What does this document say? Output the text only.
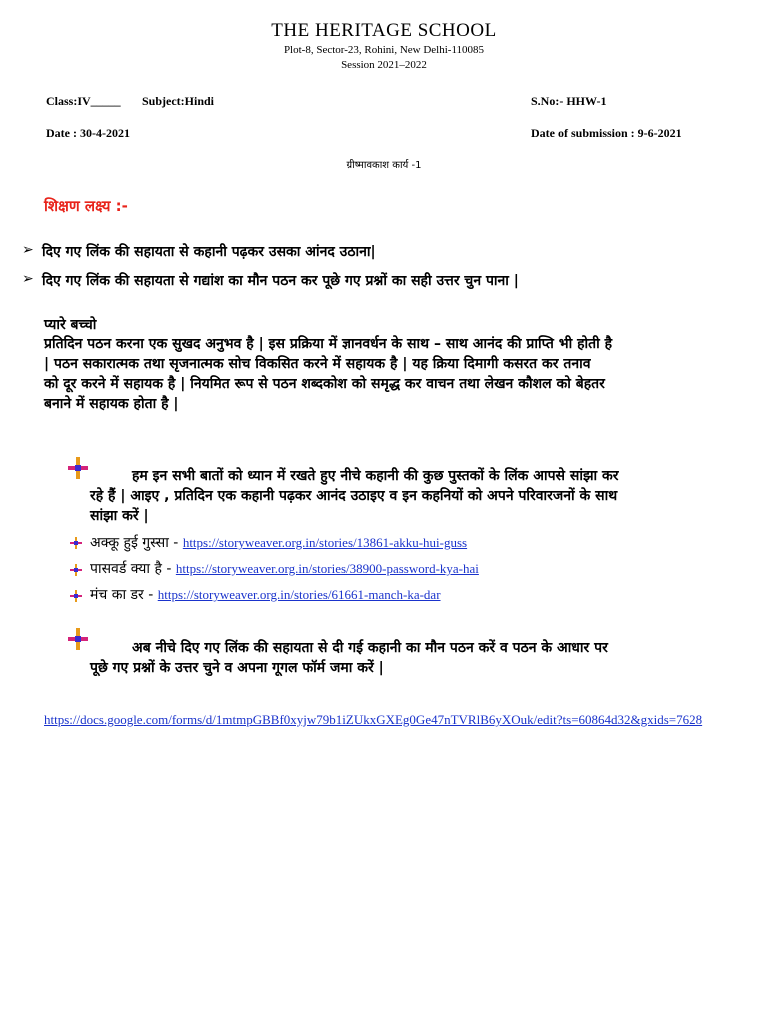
THE HERITAGE SCHOOL
Plot-8, Sector-23, Rohini, New Delhi-110085
Session 2021–2022
Class:IV_____ Subject:Hindi	S.No:- HHW-1
Date : 30-4-2021	Date of submission : 9-6-2021
ग्रीष्मावकाश कार्य -1
शिक्षण लक्ष्य :-
➢ दिए गए लिंक की सहायता से कहानी पढ़कर उसका आंनद उठाना|
➢ दिए गए लिंक की सहायता से गद्यांश का मौन पठन कर पूछे गए प्रश्नों का सही उत्तर चुन पाना |
प्यारे बच्चो
प्रतिदिन पठन करना एक सुखद अनुभव है | इस प्रक्रिया में ज्ञानवर्धन के साथ – साथ आनंद की प्राप्ति भी होती है
| पठन सकारात्मक तथा सृजनात्मक सोच विकसित करने में सहायक है | यह क्रिया दिमागी कसरत कर तनाव
को दूर करने में सहायक है | नियमित रूप से पठन शब्दकोश को समृद्ध कर वाचन तथा लेखन कौशल को बेहतर
बनाने में सहायक होता है |
हम इन सभी बातों को ध्यान में रखते हुए नीचे कहानी की कुछ पुस्तकों के लिंक आपसे सांझा कर
रहे हैं | आइए , प्रतिदिन एक कहानी पढ़कर आनंद उठाइए व इन कहनियों को अपने परिवारजनों के साथ
सांझा करें |
अक्कू हुई गुस्सा - https://storyweaver.org.in/stories/13861-akku-hui-guss
पासवर्ड क्या है - https://storyweaver.org.in/stories/38900-password-kya-hai
मंच का डर - https://storyweaver.org.in/stories/61661-manch-ka-dar
अब नीचे दिए गए लिंक की सहायता से दी गई कहानी का मौन पठन करें व पठन के आधार पर
पूछे गए प्रश्नों के उत्तर चुने व अपना गूगल फॉर्म जमा करें |
https://docs.google.com/forms/d/1mtmpGBBf0xyjw79b1iZUkxGXEg0Ge47nTVRlB6yXOuk/edit?ts=60864d32&gxids=7628
